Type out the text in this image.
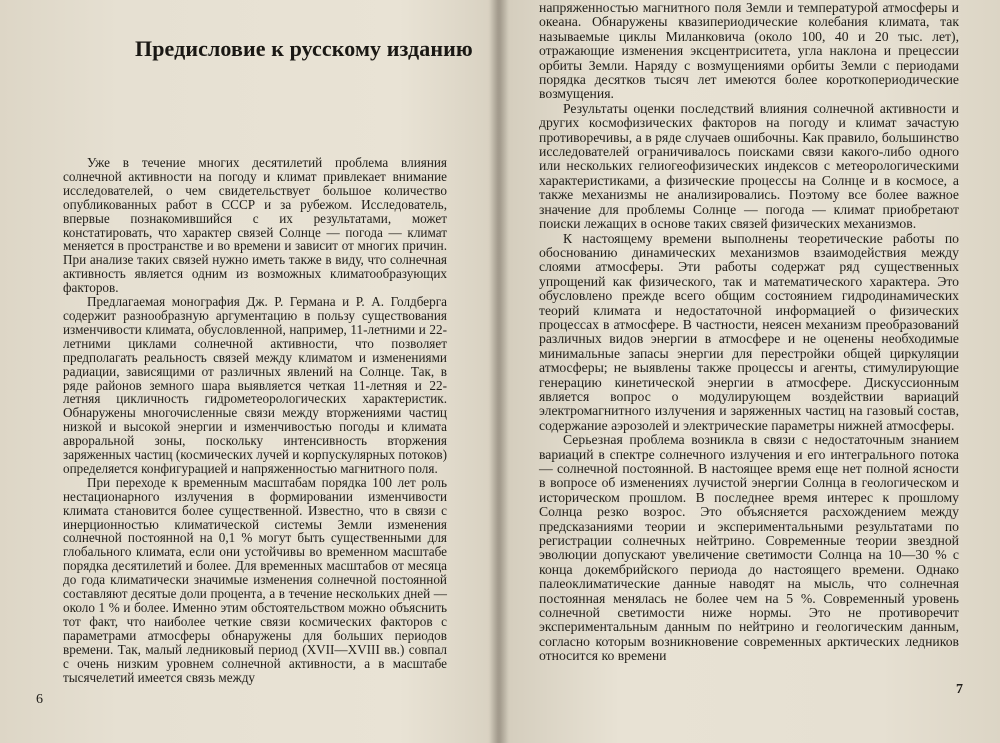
Предисловие к русскому изданию

Уже в течение многих десятилетий проблема влияния солнечной активности на погоду и климат привлекает внимание исследователей, о чем свидетельствует большое количество опубликованных работ в СССР и за рубежом. Исследователь, впервые познакомившийся с их результатами, может констатировать, что характер связей Солнце — погода — климат меняется в пространстве и во времени и зависит от многих причин. При анализе таких связей нужно иметь также в виду, что солнечная активность является одним из возможных климатообразующих факторов.

Предлагаемая монография Дж. Р. Германа и Р. А. Голдберга содержит разнообразную аргументацию в пользу существования изменчивости климата, обусловленной, например, 11-летними и 22-летними циклами солнечной активности, что позволяет предполагать реальность связей между климатом и изменениями радиации, зависящими от различных явлений на Солнце. Так, в ряде районов земного шара выявляется четкая 11-летняя и 22-летняя цикличность гидрометеорологических характеристик. Обнаружены многочисленные связи между вторжениями частиц низкой и высокой энергии и изменчивостью погоды и климата авроральной зоны, поскольку интенсивность вторжения заряженных частиц (космических лучей и корпускулярных потоков) определяется конфигурацией и напряженностью магнитного поля.

При переходе к временным масштабам порядка 100 лет роль нестационарного излучения в формировании изменчивости климата становится более существенной. Известно, что в связи с инерционностью климатической системы Земли изменения солнечной постоянной на 0,1 % могут быть существенными для глобального климата, если они устойчивы во временном масштабе порядка десятилетий и более. Для временных масштабов от месяца до года климатически значимые изменения солнечной постоянной составляют десятые доли процента, а в течение нескольких дней — около 1 % и более. Именно этим обстоятельством можно объяснить тот факт, что наиболее четкие связи космических факторов с параметрами атмосферы обнаружены для больших периодов времени. Так, малый ледниковый период (XVII—XVIII вв.) совпал с очень низким уровнем солнечной активности, а в масштабе тысячелетий имеется связь между

6

напряженностью магнитного поля Земли и температурой атмосферы и океана. Обнаружены квазипериодические колебания климата, так называемые циклы Миланковича (около 100, 40 и 20 тыс. лет), отражающие изменения эксцентриситета, угла наклона и прецессии орбиты Земли. Наряду с возмущениями орбиты Земли с периодами порядка десятков тысяч лет имеются более короткопериодические возмущения.

Результаты оценки последствий влияния солнечной активности и других космофизических факторов на погоду и климат зачастую противоречивы, а в ряде случаев ошибочны. Как правило, большинство исследователей ограничивалось поисками связи какого-либо одного или нескольких гелиогеофизических индексов с метеорологическими характеристиками, а физические процессы на Солнце и в космосе, а также механизмы не анализировались. Поэтому все более важное значение для проблемы Солнце — погода — климат приобретают поиски лежащих в основе таких связей физических механизмов.

К настоящему времени выполнены теоретические работы по обоснованию динамических механизмов взаимодействия между слоями атмосферы. Эти работы содержат ряд существенных упрощений как физического, так и математического характера. Это обусловлено прежде всего общим состоянием гидродинамических теорий климата и недостаточной информацией о физических процессах в атмосфере. В частности, неясен механизм преобразований различных видов энергии в атмосфере и не оценены необходимые минимальные запасы энергии для перестройки общей циркуляции атмосферы; не выявлены также процессы и агенты, стимулирующие генерацию кинетической энергии в атмосфере. Дискуссионным является вопрос о модулирующем воздействии вариаций электромагнитного излучения и заряженных частиц на газовый состав, содержание аэрозолей и электрические параметры нижней атмосферы.

Серьезная проблема возникла в связи с недостаточным знанием вариаций в спектре солнечного излучения и его интегрального потока — солнечной постоянной. В настоящее время еще нет полной ясности в вопросе об изменениях лучистой энергии Солнца в геологическом и историческом прошлом. В последнее время интерес к прошлому Солнца резко возрос. Это объясняется расхождением между предсказаниями теории и экспериментальными результатами по регистрации солнечных нейтрино. Современные теории звездной эволюции допускают увеличение светимости Солнца на 10—30 % с конца докембрийского периода до настоящего времени. Однако палеоклиматические данные наводят на мысль, что солнечная постоянная менялась не более чем на 5 %. Современный уровень солнечной светимости ниже нормы. Это не противоречит экспериментальным данным по нейтрино и геологическим данным, согласно которым возникновение современных арктических ледников относится ко времени

7
